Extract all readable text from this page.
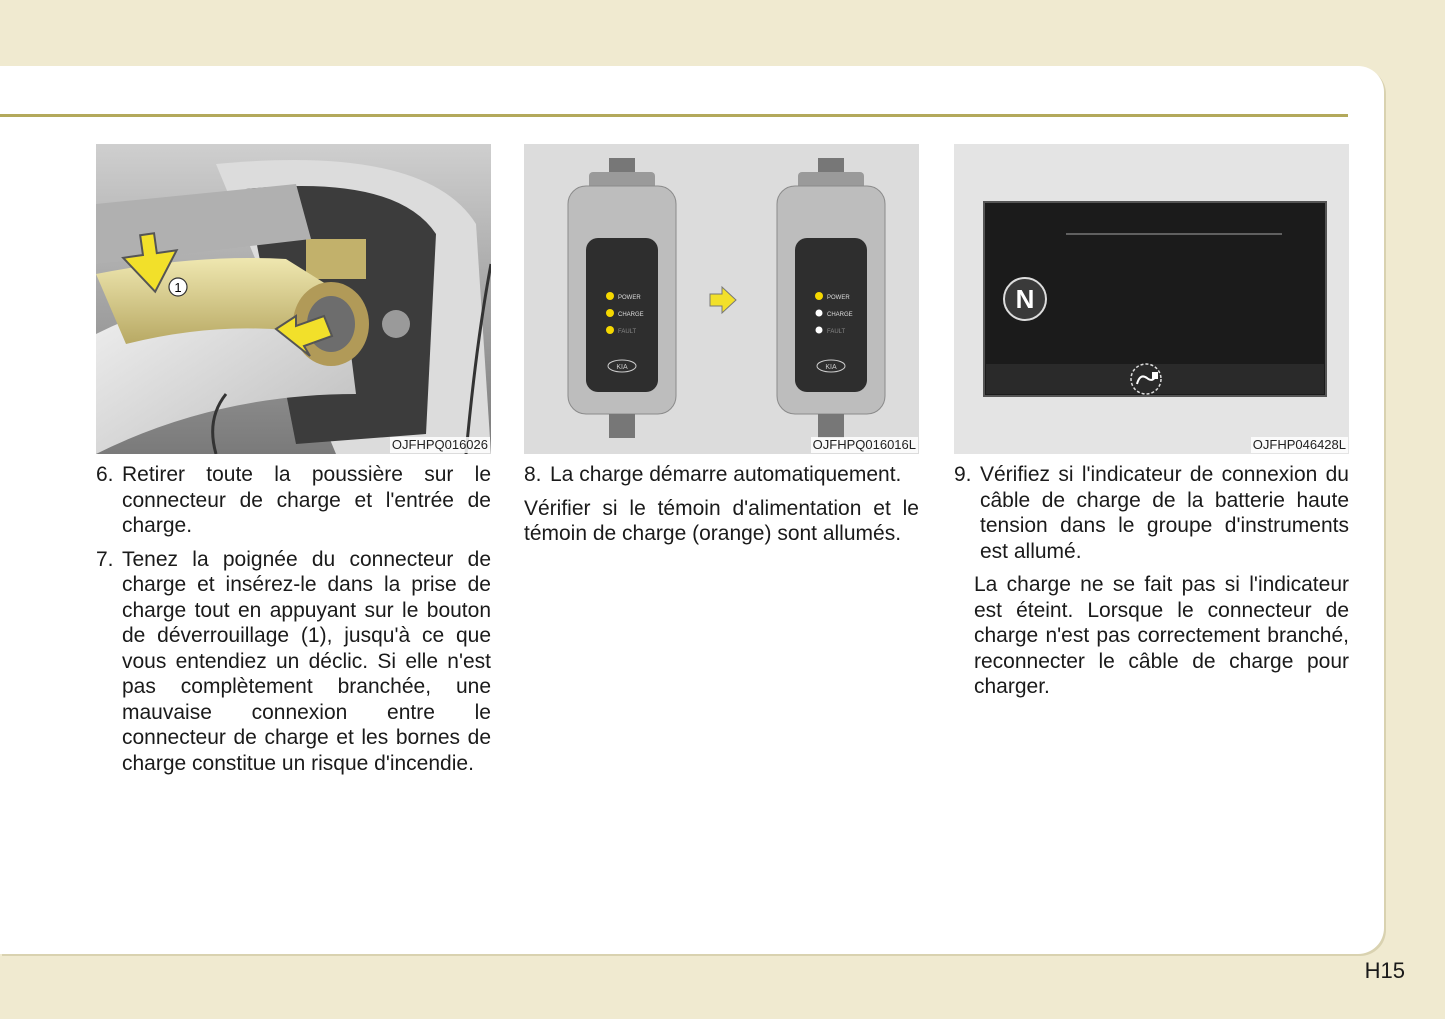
1
OJFHPQ016026
POWER
CHARGE
FAULT
KIA
POWER
CHARGE
FAULT
KIA
OJFHPQ016016L
N
OJFHP046428L
6. Retirer toute la poussière sur le connecteur de charge et l'entrée de charge.
7. Tenez la poignée du connecteur de charge et insérez-le dans la prise de charge tout en appuyant sur le bouton de déverrouillage (1), jusqu'à ce que vous entendiez un déclic. Si elle n'est pas complètement branchée, une mauvaise connexion entre le connecteur de charge et les bornes de charge constitue un risque d'incendie.
8. La charge démarre automatiquement.
Vérifier si le témoin d'alimentation et le témoin de charge (orange) sont allumés.
9. Vérifiez si l'indicateur de connexion du câble de charge de la batterie haute tension dans le groupe d'instruments est allumé.
La charge ne se fait pas si l'indicateur est éteint. Lorsque le connecteur de charge n'est pas correctement branché, reconnecter le câble de charge pour charger.
H15
